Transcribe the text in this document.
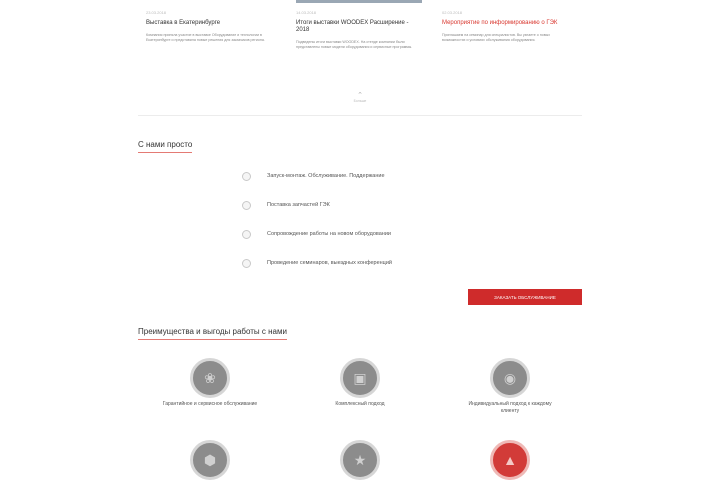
23.03.2018
Выставка в Екатеринбурге
Компания приняла участие в выставке Оборудование и технологии в Екатеринбурге и представила новые решения для заказчиков региона.
14.03.2018
Итоги выставки WOODEX Расширение - 2018
Подведены итоги выставки WOODEX. На стенде компании были представлены новые модели оборудования и сервисные программы.
02.03.2018
Мероприятие по информированию о ГЭК
Приглашаем на семинар для специалистов. Вы узнаете о новых возможностях и условиях обслуживания оборудования.
⌃
Больше
С нами просто
Запуск-монтаж. Обслуживание. Поддержание
Поставка запчастей ГЭК
Сопровождение работы на новом оборудовании
Проведение семинаров, выездных конференций
ЗАКАЗАТЬ ОБСЛУЖИВАНИЕ
Преимущества и выгоды работы с нами
❀
Гарантийное и сервисное обслуживание
▣
Комплексный подход
◉
Индивидуальный подход к каждому клиенту
⬢	★	▲
